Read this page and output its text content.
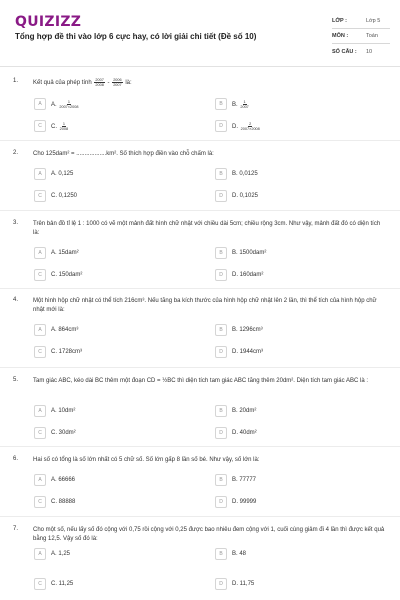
QUIZIZZ
Tổng hợp đề thi vào lớp 6 cực hay, có lời giải chi tiết (Đề số 10)
LỚP :	Lớp 5
MÔN :	Toán
SỐ CÂU : 10
1. Kết quả của phép tính $\frac{2007}{2008} - \frac{2006}{2007}$ là:
A	A. $\frac{1}{2007\times 2008}$	B	B. $\frac{1}{2007}$
C	C. $\frac{1}{2008}$	D	D. $\frac{2}{2007\times 2008}$
2. Cho 125dam² = ..................km². Số thích hợp điền vào chỗ chấm là:
A	A. 0,125	B	B. 0,0125
C	C. 0,1250	D	D. 0,1025
3. Trên bản đồ tỉ lệ 1 : 1000 có vẽ một mảnh đất hình chữ nhật với chiều dài 5cm; chiều rộng 3cm. Như vậy, mảnh đất đó có diện tích là:
A	A. 15dam²	B	B. 1500dam²
C	C. 150dam²	D	D. 160dam²
4. Một hình hộp chữ nhật có thể tích 216cm³. Nếu tăng ba kích thước của hình hộp chữ nhật lên 2 lần, thì thể tích của hình hộp chữ nhật mới là:
A	A. 864cm³	B	B. 1296cm³
C	C. 1728cm³	D	D. 1944cm³
5. Tam giác ABC, kéo dài BC thêm một đoạn CD = ½BC thì diện tích tam giác ABC tăng thêm 20dm². Diện tích tam giác ABC là :
A	A. 10dm²	B	B. 20dm²
C	C. 30dm²	D	D. 40dm²
6. Hai số có tổng là số lớn nhất có 5 chữ số. Số lớn gấp 8 lần số bé. Như vậy, số lớn là:
A	A. 66666	B	B. 77777
C	C. 88888	D	D. 99999
7. Cho một số, nếu lấy số đó cộng với 0,75 rồi cộng với 0,25 được bao nhiêu đem cộng với 1, cuối cùng giảm đi 4 lần thì được kết quả bằng 12,5. Vậy số đó là:
A	A. 1,25	B	B. 48
C	C. 11,25	D	D. 11,75
